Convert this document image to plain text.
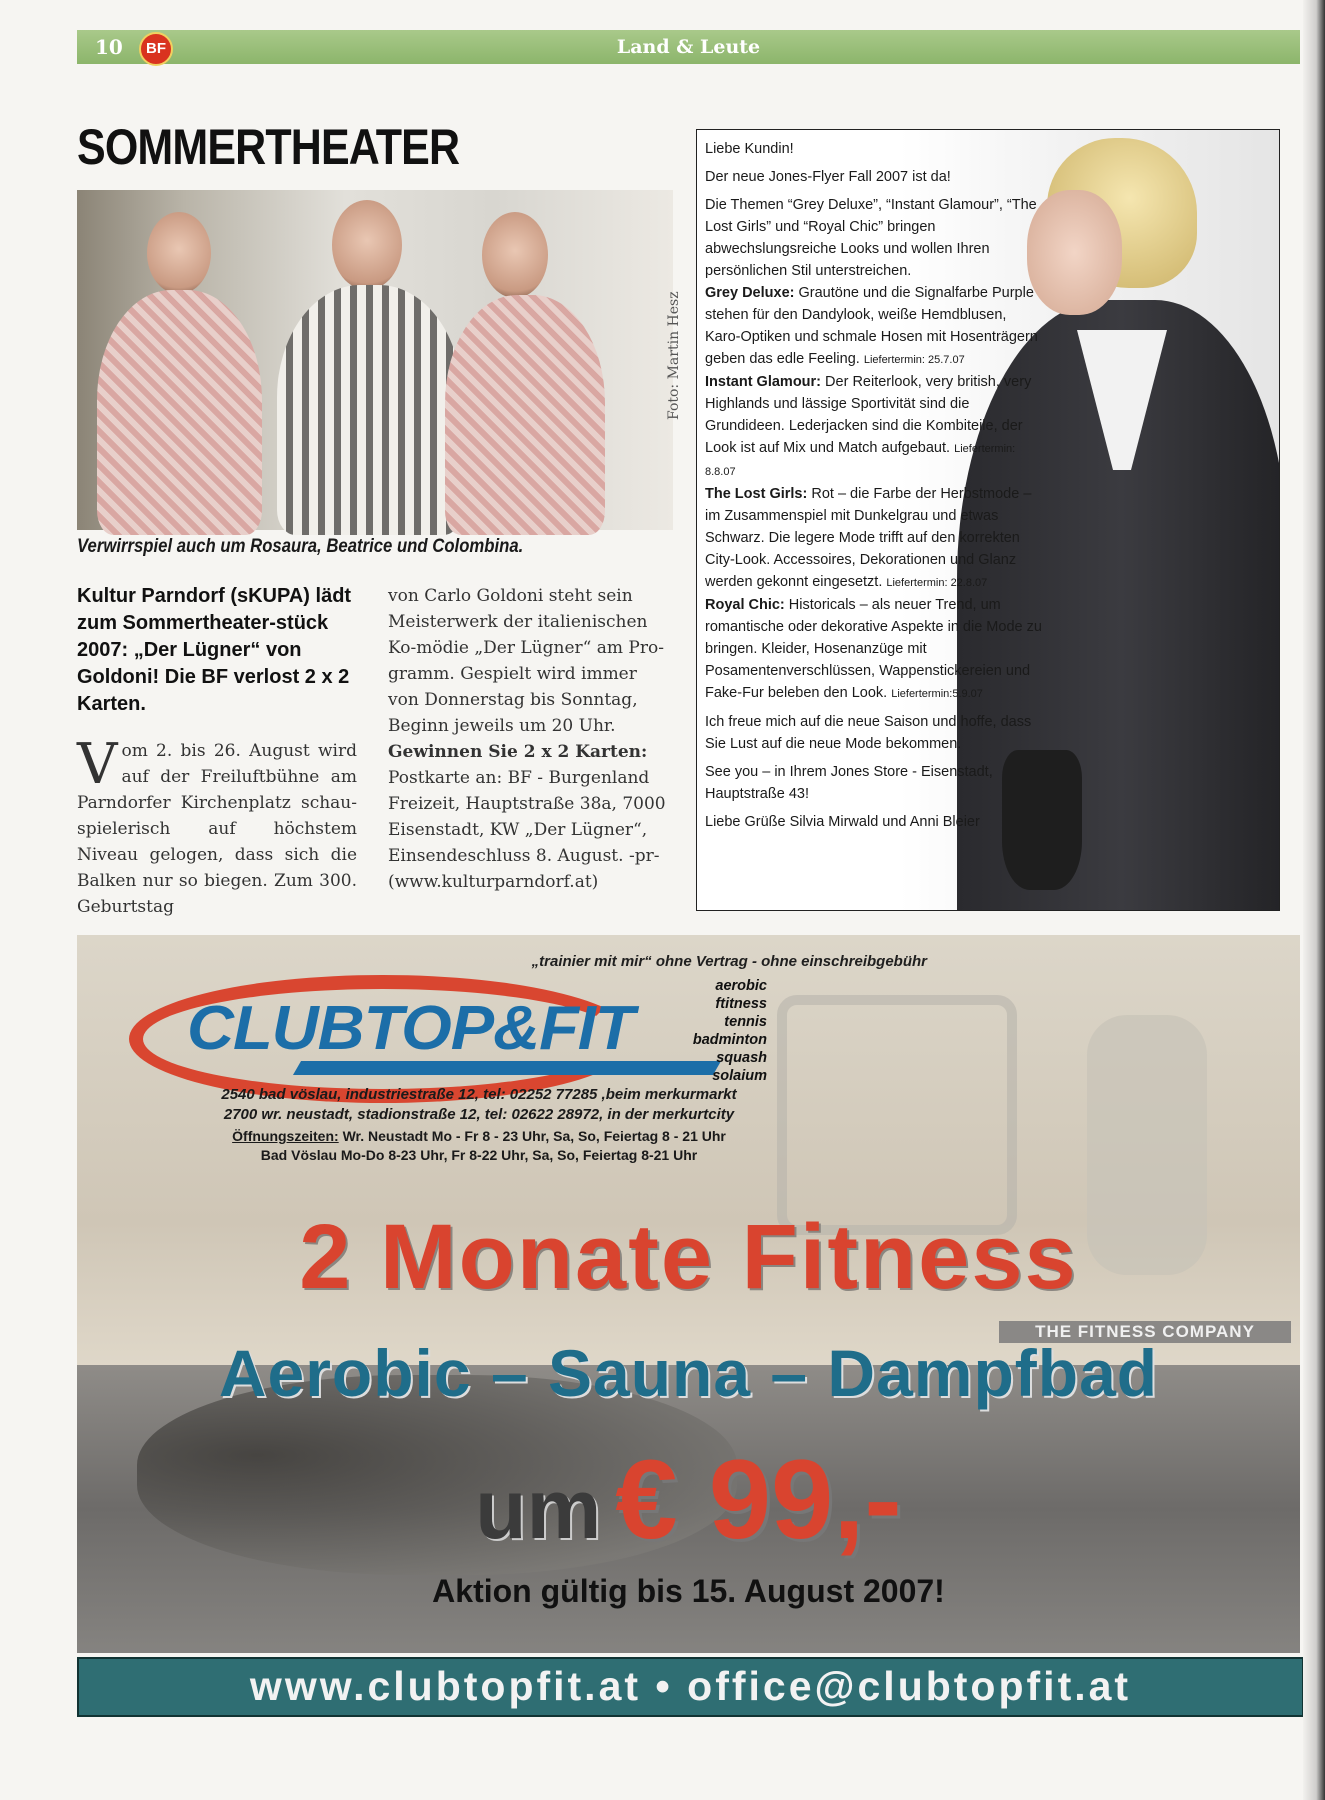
10	BF	Land & Leute
SOMMERTHEATER
Foto: Martin Hesz
Verwirrspiel auch um Rosaura, Beatrice und Colombina.
Kultur Parndorf (sKUPA) lädt zum Sommertheater-stück 2007: „Der Lügner“ von Goldoni! Die BF verlost 2 x 2 Karten.
Vom 2. bis 26. August wird auf der Freiluftbühne am Parndorfer Kirchenplatz schau-spielerisch auf höchstem Niveau gelogen, dass sich die Balken nur so biegen. Zum 300. Geburtstag
von Carlo Goldoni steht sein Meisterwerk der italienischen Ko-mödie „Der Lügner“ am Pro-gramm. Gespielt wird immer von Donnerstag bis Sonntag, Beginn jeweils um 20 Uhr.
Gewinnen Sie 2 x 2 Karten:
Postkarte an: BF - Burgenland Freizeit, Hauptstraße 38a, 7000 Eisenstadt, KW „Der Lügner“, Einsendeschluss 8. August. -pr- (www.kulturparndorf.at)

Liebe Kundin!

Der neue Jones-Flyer Fall 2007 ist da!

Die Themen “Grey Deluxe”, “Instant Glamour”, “The Lost Girls” und “Royal Chic” bringen abwechslungsreiche Looks und wollen Ihren persönlichen Stil unterstreichen.

Grey Deluxe: Grautöne und die Signalfarbe Purple stehen für den Dandylook, weiße Hemdblusen, Karo-Optiken und schmale Hosen mit Hosenträgern geben das edle Feeling. Liefertermin: 25.7.07
Instant Glamour: Der Reiterlook, very british, very Highlands und lässige Sportivität sind die Grundideen. Lederjacken sind die Kombiteile, der Look ist auf Mix und Match aufgebaut. Liefertermin: 8.8.07
The Lost Girls: Rot – die Farbe der Herbstmode – im Zusammenspiel mit Dunkelgrau und etwas Schwarz. Die legere Mode trifft auf den korrekten City-Look. Accessoires, Dekorationen und Glanz werden gekonnt eingesetzt. Liefertermin: 22.8.07
Royal Chic: Historicals – als neuer Trend, um romantische oder dekorative Aspekte in die Mode zu bringen. Kleider, Hosenanzüge mit Posamentenverschlüssen, Wappenstickereien und Fake-Fur beleben den Look. Liefertermin:5.9.07

Ich freue mich auf die neue Saison und hoffe, dass Sie Lust auf die neue Mode bekommen.

See you – in Ihrem Jones Store - Eisenstadt, Hauptstraße 43!

Liebe Grüße Silvia Mirwald und Anni Bleier

„trainier mit mir“ ohne Vertrag - ohne einschreibgebühr
CLUBTOP&FIT
aerobic
ftitness
tennis
badminton
squash
solaium
2540 bad vöslau, industriestraße 12, tel: 02252 77285 ,beim merkurmarkt
2700 wr. neustadt, stadionstraße 12, tel: 02622 28972, in der merkurtcity
Öffnungszeiten: Wr. Neustadt Mo - Fr 8 - 23 Uhr, Sa, So, Feiertag 8 - 21 Uhr
Bad Vöslau Mo-Do 8-23 Uhr, Fr 8-22 Uhr, Sa, So, Feiertag 8-21 Uhr
2 Monate Fitness
THE FITNESS COMPANY
Aerobic – Sauna – Dampfbad
um € 99,-
Aktion gültig bis 15. August 2007!
www.clubtopfit.at • office@clubtopfit.at
